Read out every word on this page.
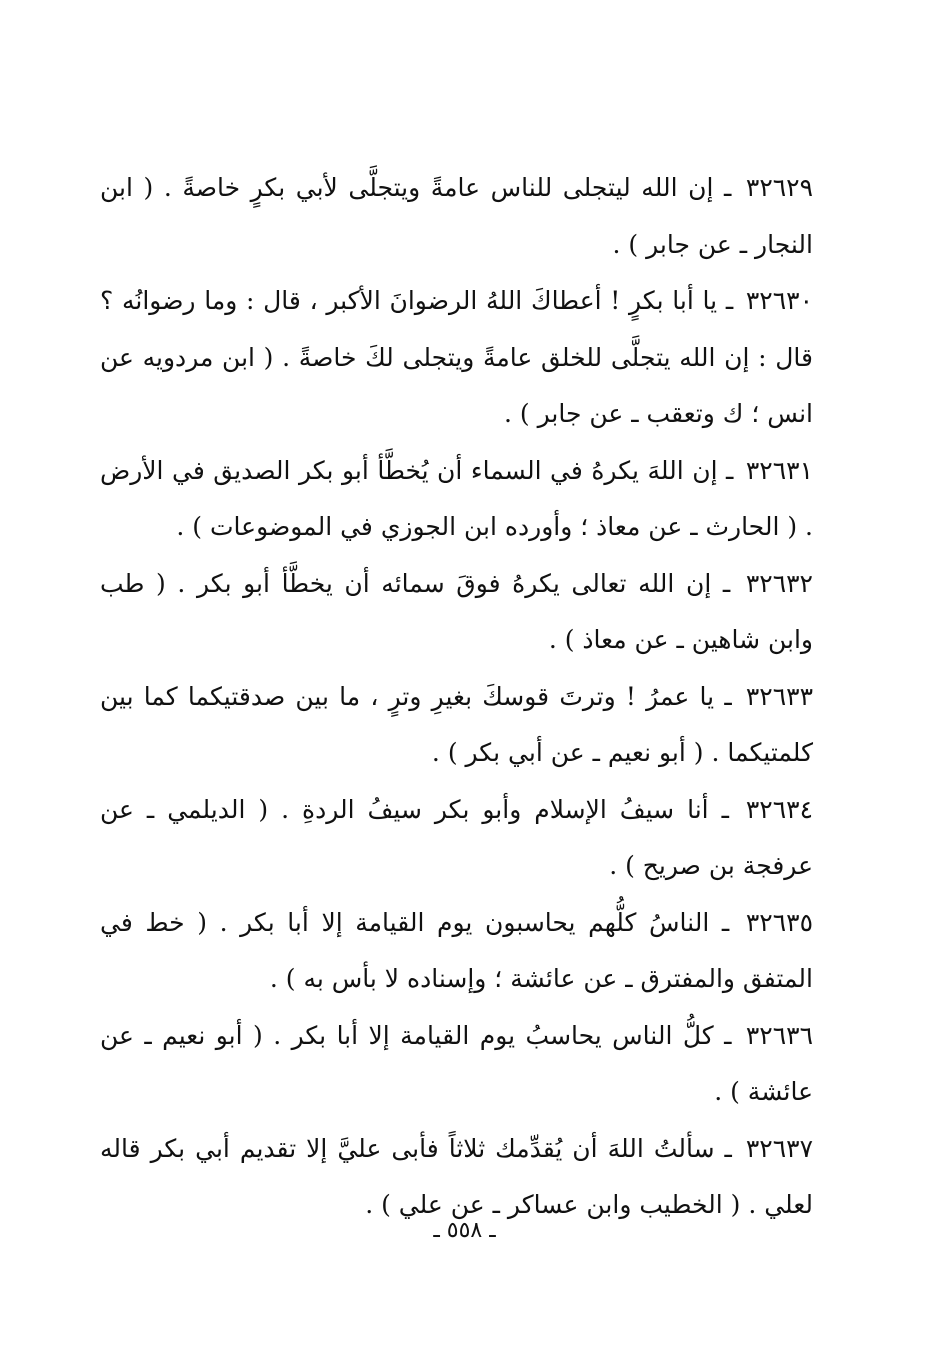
٣٢٦٢٩ ـ إن الله ليتجلى للناس عامةً ويتجلَّى لأبي بكرٍ خاصةً . ( ابن النجار ـ عن جابر ) .

٣٢٦٣٠ ـ يا أبا بكرٍ ! أعطاكَ اللهُ الرضوانَ الأكبر ، قال : وما رضوانُه ؟ قال : إن الله يتجلَّى للخلق عامةً ويتجلى لكَ خاصةً . ( ابن مردويه عن انس ؛ ك وتعقب ـ عن جابر ) .

٣٢٦٣١ ـ إن اللهَ يكرهُ في السماء أن يُخطَّأ أبو بكر الصديق في الأرض . ( الحارث ـ عن معاذ ؛ وأورده ابن الجوزي في الموضوعات ) .

٣٢٦٣٢ ـ إن الله تعالى يكرهُ فوقَ سمائه أن يخطَّأ أبو بكر . ( طب وابن شاهين ـ عن معاذ ) .

٣٢٦٣٣ ـ يا عمرُ ! وترتَ قوسكَ بغيرِ وترٍ ، ما بين صدقتيكما كما بين كلمتيكما . ( أبو نعيم ـ عن أبي بكر ) .

٣٢٦٣٤ ـ أنا سيفُ الإسلام وأبو بكر سيفُ الردةِ . ( الديلمي ـ عن عرفجة بن صريح ) .

٣٢٦٣٥ ـ الناسُ كلُّهم يحاسبون يوم القيامة إلا أبا بكر . ( خط في المتفق والمفترق ـ عن عائشة ؛ وإسناده لا بأس به ) .

٣٢٦٣٦ ـ كلُّ الناس يحاسبُ يوم القيامة إلا أبا بكر . ( أبو نعيم ـ عن عائشة ) .

٣٢٦٣٧ ـ سألتُ اللهَ أن يُقدِّمك ثلاثاً فأبى عليَّ إلا تقديم أبي بكر قاله لعلي . ( الخطيب وابن عساكر ـ عن علي ) .

ـ ٥٥٨ ـ
